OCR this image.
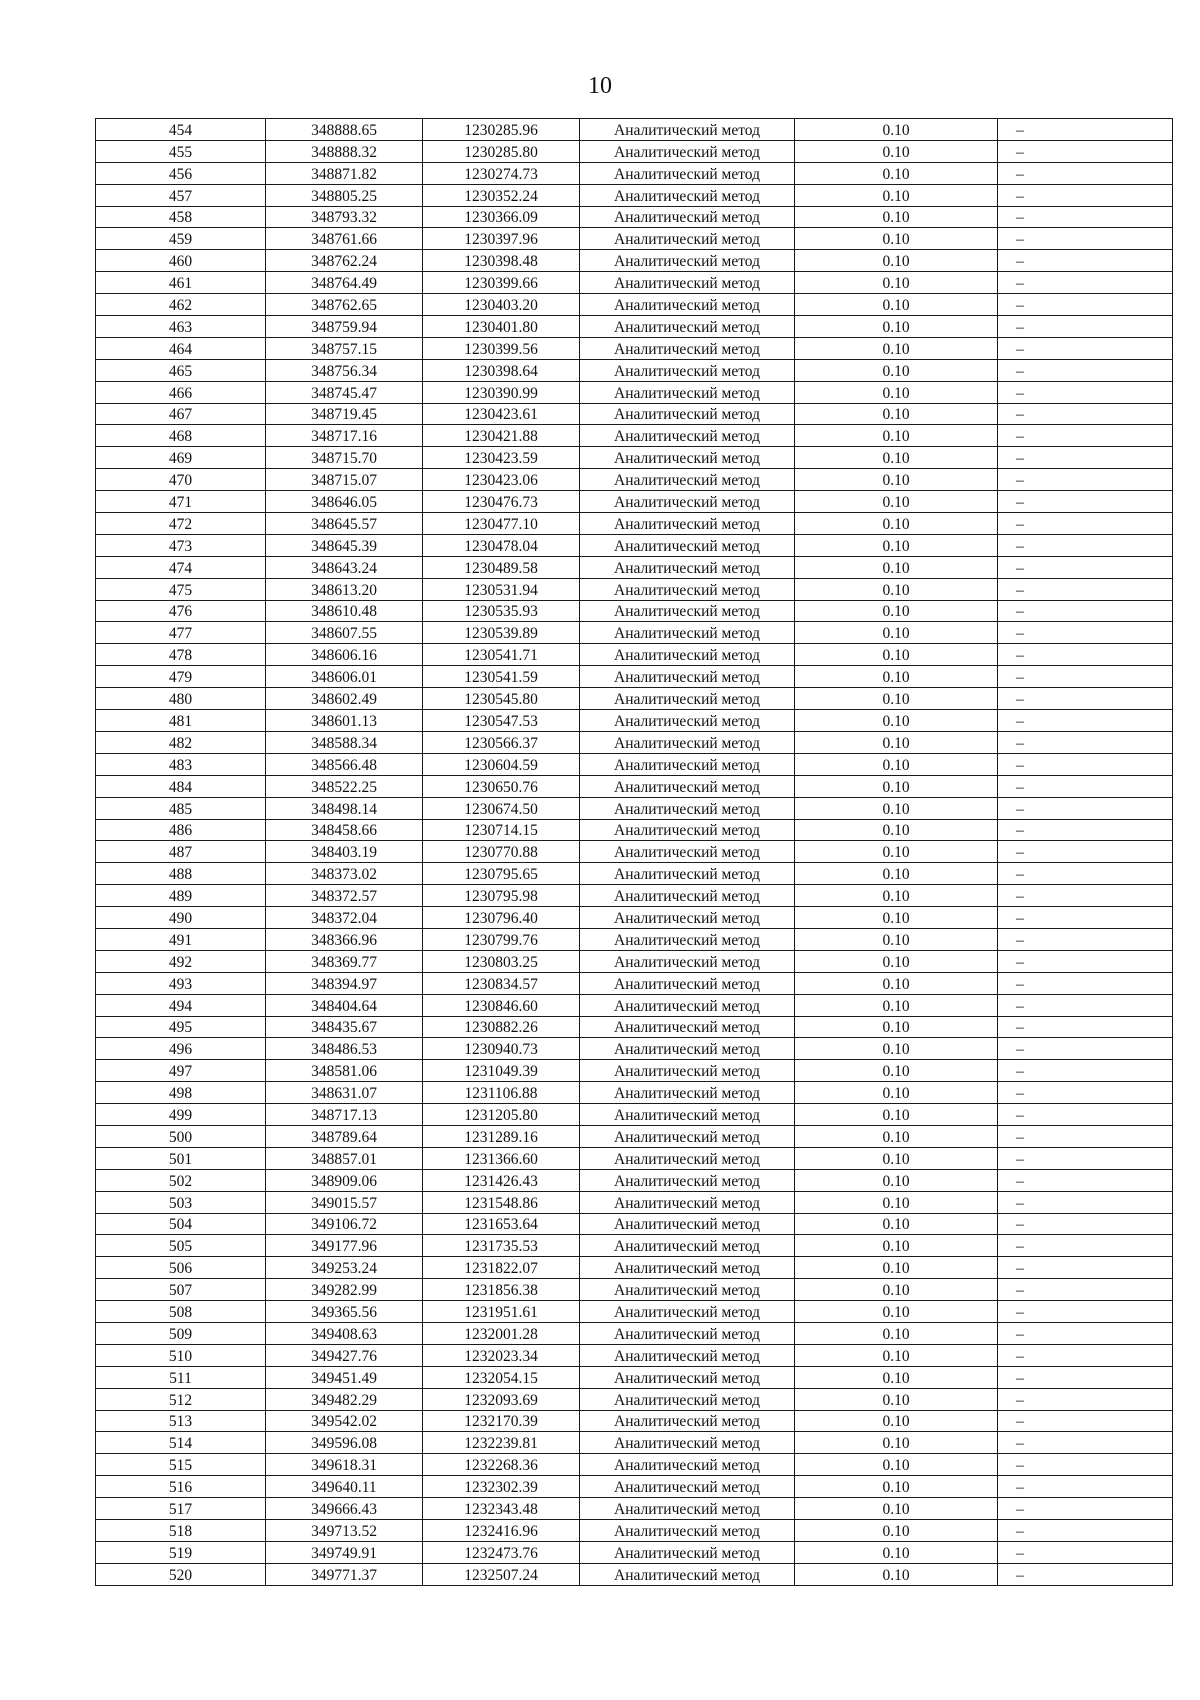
10
454	348888.65	1230285.96	Аналитический метод	0.10	–
455	348888.32	1230285.80	Аналитический метод	0.10	–
456	348871.82	1230274.73	Аналитический метод	0.10	–
457	348805.25	1230352.24	Аналитический метод	0.10	–
458	348793.32	1230366.09	Аналитический метод	0.10	–
459	348761.66	1230397.96	Аналитический метод	0.10	–
460	348762.24	1230398.48	Аналитический метод	0.10	–
461	348764.49	1230399.66	Аналитический метод	0.10	–
462	348762.65	1230403.20	Аналитический метод	0.10	–
463	348759.94	1230401.80	Аналитический метод	0.10	–
464	348757.15	1230399.56	Аналитический метод	0.10	–
465	348756.34	1230398.64	Аналитический метод	0.10	–
466	348745.47	1230390.99	Аналитический метод	0.10	–
467	348719.45	1230423.61	Аналитический метод	0.10	–
468	348717.16	1230421.88	Аналитический метод	0.10	–
469	348715.70	1230423.59	Аналитический метод	0.10	–
470	348715.07	1230423.06	Аналитический метод	0.10	–
471	348646.05	1230476.73	Аналитический метод	0.10	–
472	348645.57	1230477.10	Аналитический метод	0.10	–
473	348645.39	1230478.04	Аналитический метод	0.10	–
474	348643.24	1230489.58	Аналитический метод	0.10	–
475	348613.20	1230531.94	Аналитический метод	0.10	–
476	348610.48	1230535.93	Аналитический метод	0.10	–
477	348607.55	1230539.89	Аналитический метод	0.10	–
478	348606.16	1230541.71	Аналитический метод	0.10	–
479	348606.01	1230541.59	Аналитический метод	0.10	–
480	348602.49	1230545.80	Аналитический метод	0.10	–
481	348601.13	1230547.53	Аналитический метод	0.10	–
482	348588.34	1230566.37	Аналитический метод	0.10	–
483	348566.48	1230604.59	Аналитический метод	0.10	–
484	348522.25	1230650.76	Аналитический метод	0.10	–
485	348498.14	1230674.50	Аналитический метод	0.10	–
486	348458.66	1230714.15	Аналитический метод	0.10	–
487	348403.19	1230770.88	Аналитический метод	0.10	–
488	348373.02	1230795.65	Аналитический метод	0.10	–
489	348372.57	1230795.98	Аналитический метод	0.10	–
490	348372.04	1230796.40	Аналитический метод	0.10	–
491	348366.96	1230799.76	Аналитический метод	0.10	–
492	348369.77	1230803.25	Аналитический метод	0.10	–
493	348394.97	1230834.57	Аналитический метод	0.10	–
494	348404.64	1230846.60	Аналитический метод	0.10	–
495	348435.67	1230882.26	Аналитический метод	0.10	–
496	348486.53	1230940.73	Аналитический метод	0.10	–
497	348581.06	1231049.39	Аналитический метод	0.10	–
498	348631.07	1231106.88	Аналитический метод	0.10	–
499	348717.13	1231205.80	Аналитический метод	0.10	–
500	348789.64	1231289.16	Аналитический метод	0.10	–
501	348857.01	1231366.60	Аналитический метод	0.10	–
502	348909.06	1231426.43	Аналитический метод	0.10	–
503	349015.57	1231548.86	Аналитический метод	0.10	–
504	349106.72	1231653.64	Аналитический метод	0.10	–
505	349177.96	1231735.53	Аналитический метод	0.10	–
506	349253.24	1231822.07	Аналитический метод	0.10	–
507	349282.99	1231856.38	Аналитический метод	0.10	–
508	349365.56	1231951.61	Аналитический метод	0.10	–
509	349408.63	1232001.28	Аналитический метод	0.10	–
510	349427.76	1232023.34	Аналитический метод	0.10	–
511	349451.49	1232054.15	Аналитический метод	0.10	–
512	349482.29	1232093.69	Аналитический метод	0.10	–
513	349542.02	1232170.39	Аналитический метод	0.10	–
514	349596.08	1232239.81	Аналитический метод	0.10	–
515	349618.31	1232268.36	Аналитический метод	0.10	–
516	349640.11	1232302.39	Аналитический метод	0.10	–
517	349666.43	1232343.48	Аналитический метод	0.10	–
518	349713.52	1232416.96	Аналитический метод	0.10	–
519	349749.91	1232473.76	Аналитический метод	0.10	–
520	349771.37	1232507.24	Аналитический метод	0.10	–
